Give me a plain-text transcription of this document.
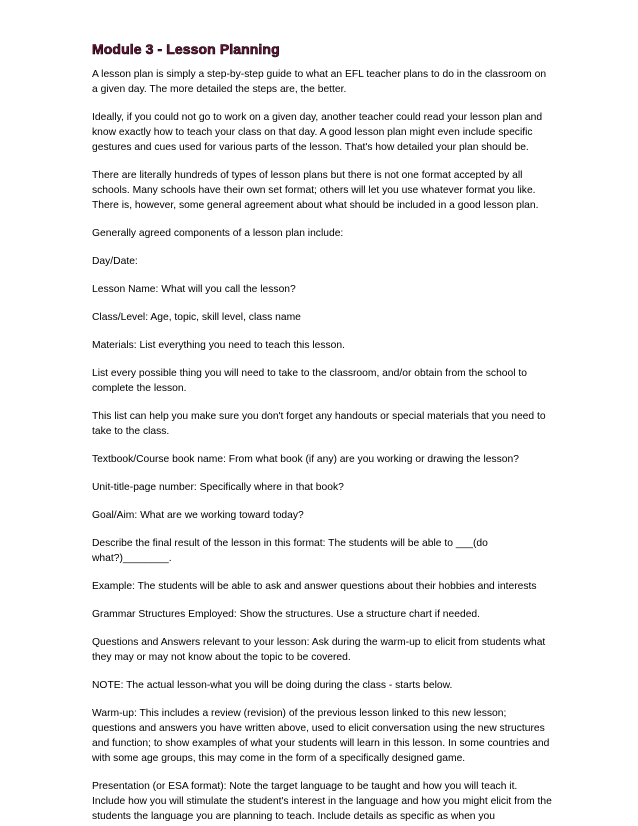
Module 3 - Lesson Planning

A lesson plan is simply a step-by-step guide to what an EFL teacher plans to do in the classroom on a given day. The more detailed the steps are, the better.

Ideally, if you could not go to work on a given day, another teacher could read your lesson plan and know exactly how to teach your class on that day. A good lesson plan might even include specific gestures and cues used for various parts of the lesson. That's how detailed your plan should be.

There are literally hundreds of types of lesson plans but there is not one format accepted by all schools. Many schools have their own set format; others will let you use whatever format you like. There is, however, some general agreement about what should be included in a good lesson plan.

Generally agreed components of a lesson plan include:

Day/Date:

Lesson Name: What will you call the lesson?

Class/Level: Age, topic, skill level, class name

Materials: List everything you need to teach this lesson.

List every possible thing you will need to take to the classroom, and/or obtain from the school to complete the lesson.

This list can help you make sure you don't forget any handouts or special materials that you need to take to the class.

Textbook/Course book name: From what book (if any) are you working or drawing the lesson?

Unit-title-page number: Specifically where in that book?

Goal/Aim: What are we working toward today?

Describe the final result of the lesson in this format: The students will be able to ___(do what?)________.

Example: The students will be able to ask and answer questions about their hobbies and interests

Grammar Structures Employed: Show the structures. Use a structure chart if needed.

Questions and Answers relevant to your lesson: Ask during the warm-up to elicit from students what they may or may not know about the topic to be covered.

NOTE: The actual lesson-what you will be doing during the class - starts below.

Warm-up: This includes a review (revision) of the previous lesson linked to this new lesson; questions and answers you have written above, used to elicit conversation using the new structures and function; to show examples of what your students will learn in this lesson. In some countries and with some age groups, this may come in the form of a specifically designed game.

Presentation (or ESA format): Note the target language to be taught and how you will teach it. Include how you will stimulate the student's interest in the language and how you might elicit from the students the language you are planning to teach. Include details as specific as when you
